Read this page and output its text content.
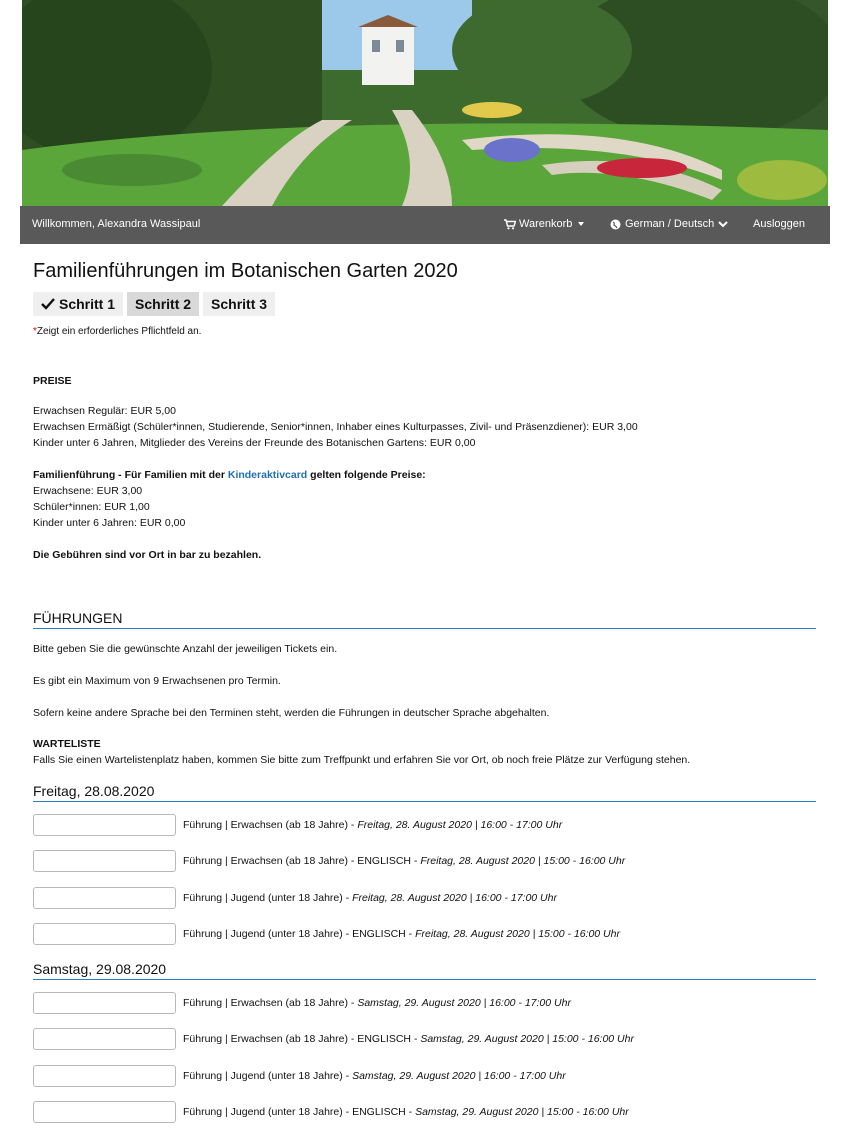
Willkommen, Alexandra Wassipaul	Warenkorb	German / Deutsch	Ausloggen
Familienführungen im Botanischen Garten 2020
Schritt 1 Schritt 2 Schritt 3
*Zeigt ein erforderliches Pflichtfeld an.
PREISE
Erwachsen Regulär: EUR 5,00
Erwachsen Ermäßigt (Schüler*innen, Studierende, Senior*innen, Inhaber eines Kulturpasses, Zivil- und Präsenzdiener): EUR 3,00
Kinder unter 6 Jahren, Mitglieder des Vereins der Freunde des Botanischen Gartens: EUR 0,00
Familienführung - Für Familien mit der Kinderaktivcard gelten folgende Preise:
Erwachsene: EUR 3,00
Schüler*innen: EUR 1,00
Kinder unter 6 Jahren: EUR 0,00
Die Gebühren sind vor Ort in bar zu bezahlen.
FÜHRUNGEN
Bitte geben Sie die gewünschte Anzahl der jeweiligen Tickets ein.
Es gibt ein Maximum von 9 Erwachsenen pro Termin.
Sofern keine andere Sprache bei den Terminen steht, werden die Führungen in deutscher Sprache abgehalten.
WARTELISTE
Falls Sie einen Wartelistenplatz haben, kommen Sie bitte zum Treffpunkt und erfahren Sie vor Ort, ob noch freie Plätze zur Verfügung stehen.
Freitag, 28.08.2020
Führung | Erwachsen (ab 18 Jahre) - Freitag, 28. August 2020 | 16:00 - 17:00 Uhr
Führung | Erwachsen (ab 18 Jahre) - ENGLISCH - Freitag, 28. August 2020 | 15:00 - 16:00 Uhr
Führung | Jugend (unter 18 Jahre) - Freitag, 28. August 2020 | 16:00 - 17:00 Uhr
Führung | Jugend (unter 18 Jahre) - ENGLISCH - Freitag, 28. August 2020 | 15:00 - 16:00 Uhr
Samstag, 29.08.2020
Führung | Erwachsen (ab 18 Jahre) - Samstag, 29. August 2020 | 16:00 - 17:00 Uhr
Führung | Erwachsen (ab 18 Jahre) - ENGLISCH - Samstag, 29. August 2020 | 15:00 - 16:00 Uhr
Führung | Jugend (unter 18 Jahre) - Samstag, 29. August 2020 | 16:00 - 17:00 Uhr
Führung | Jugend (unter 18 Jahre) - ENGLISCH - Samstag, 29. August 2020 | 15:00 - 16:00 Uhr
